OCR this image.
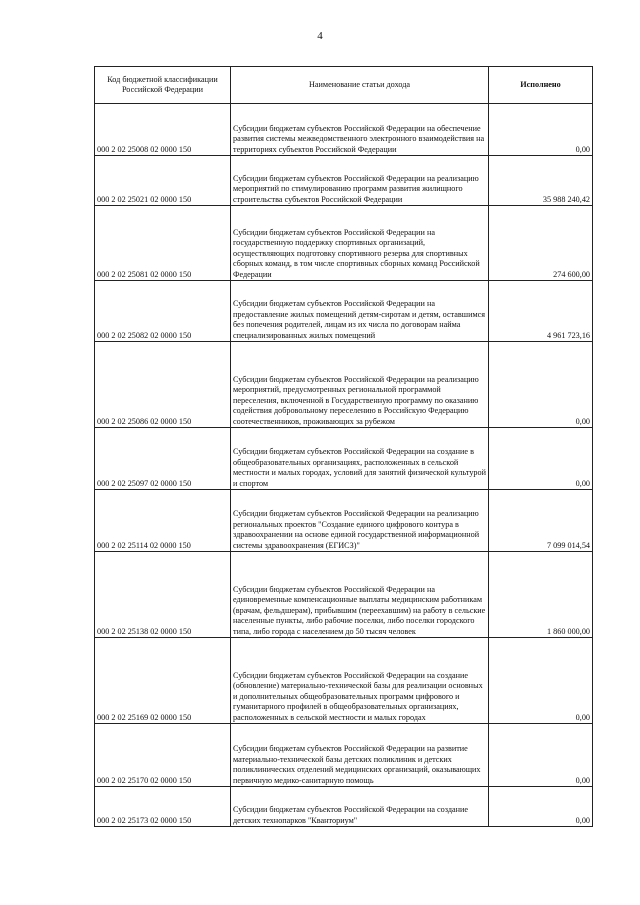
4
Код бюджетной классификации Российской Федерации	Наименование статьи дохода	Исполнено
000 2 02 25008 02 0000 150	Субсидии бюджетам субъектов Российской Федерации на обеспечение развития системы межведомственного электронного взаимодействия на территориях субъектов Российской Федерации	0,00
000 2 02 25021 02 0000 150	Субсидии бюджетам субъектов Российской Федерации на реализацию мероприятий по стимулированию программ развития жилищного строительства субъектов Российской Федерации	35 988 240,42
000 2 02 25081 02 0000 150	Субсидии бюджетам субъектов Российской Федерации на государственную поддержку спортивных организаций, осуществляющих подготовку спортивного резерва для спортивных сборных команд, в том числе спортивных сборных команд Российской Федерации	274 600,00
000 2 02 25082 02 0000 150	Субсидии бюджетам субъектов Российской Федерации на предоставление жилых помещений детям-сиротам и детям, оставшимся без попечения родителей, лицам из их числа по договорам найма специализированных жилых помещений	4 961 723,16
000 2 02 25086 02 0000 150	Субсидии бюджетам субъектов Российской Федерации на реализацию мероприятий, предусмотренных региональной программой переселения, включенной в Государственную программу по оказанию содействия добровольному переселению в Российскую Федерацию соотечественников, проживающих за рубежом	0,00
000 2 02 25097 02 0000 150	Субсидии бюджетам субъектов Российской Федерации на создание в общеобразовательных организациях, расположенных в сельской местности и малых городах, условий для занятий физической культурой и спортом	0,00
000 2 02 25114 02 0000 150	Субсидии бюджетам субъектов Российской Федерации на реализацию региональных проектов "Создание единого цифрового контура в здравоохранении на основе единой государственной информационной системы здравоохранения (ЕГИСЗ)"	7 099 014,54
000 2 02 25138 02 0000 150	Субсидии бюджетам субъектов Российской Федерации на единовременные компенсационные выплаты медицинским работникам (врачам, фельдшерам), прибывшим (переехавшим) на работу в сельские населенные пункты, либо рабочие поселки, либо поселки городского типа, либо города с населением до 50 тысяч человек	1 860 000,00
000 2 02 25169 02 0000 150	Субсидии бюджетам субъектов Российской Федерации на создание (обновление) материально-технической базы для реализации основных и дополнительных общеобразовательных программ цифрового и гуманитарного профилей в общеобразовательных организациях, расположенных в сельской местности и малых городах	0,00
000 2 02 25170 02 0000 150	Субсидии бюджетам субъектов Российской Федерации на развитие материально-технической базы детских поликлиник и детских поликлинических отделений медицинских организаций, оказывающих первичную медико-санитарную помощь	0,00
000 2 02 25173 02 0000 150	Субсидии бюджетам субъектов Российской Федерации на создание детских технопарков "Кванториум"	0,00
